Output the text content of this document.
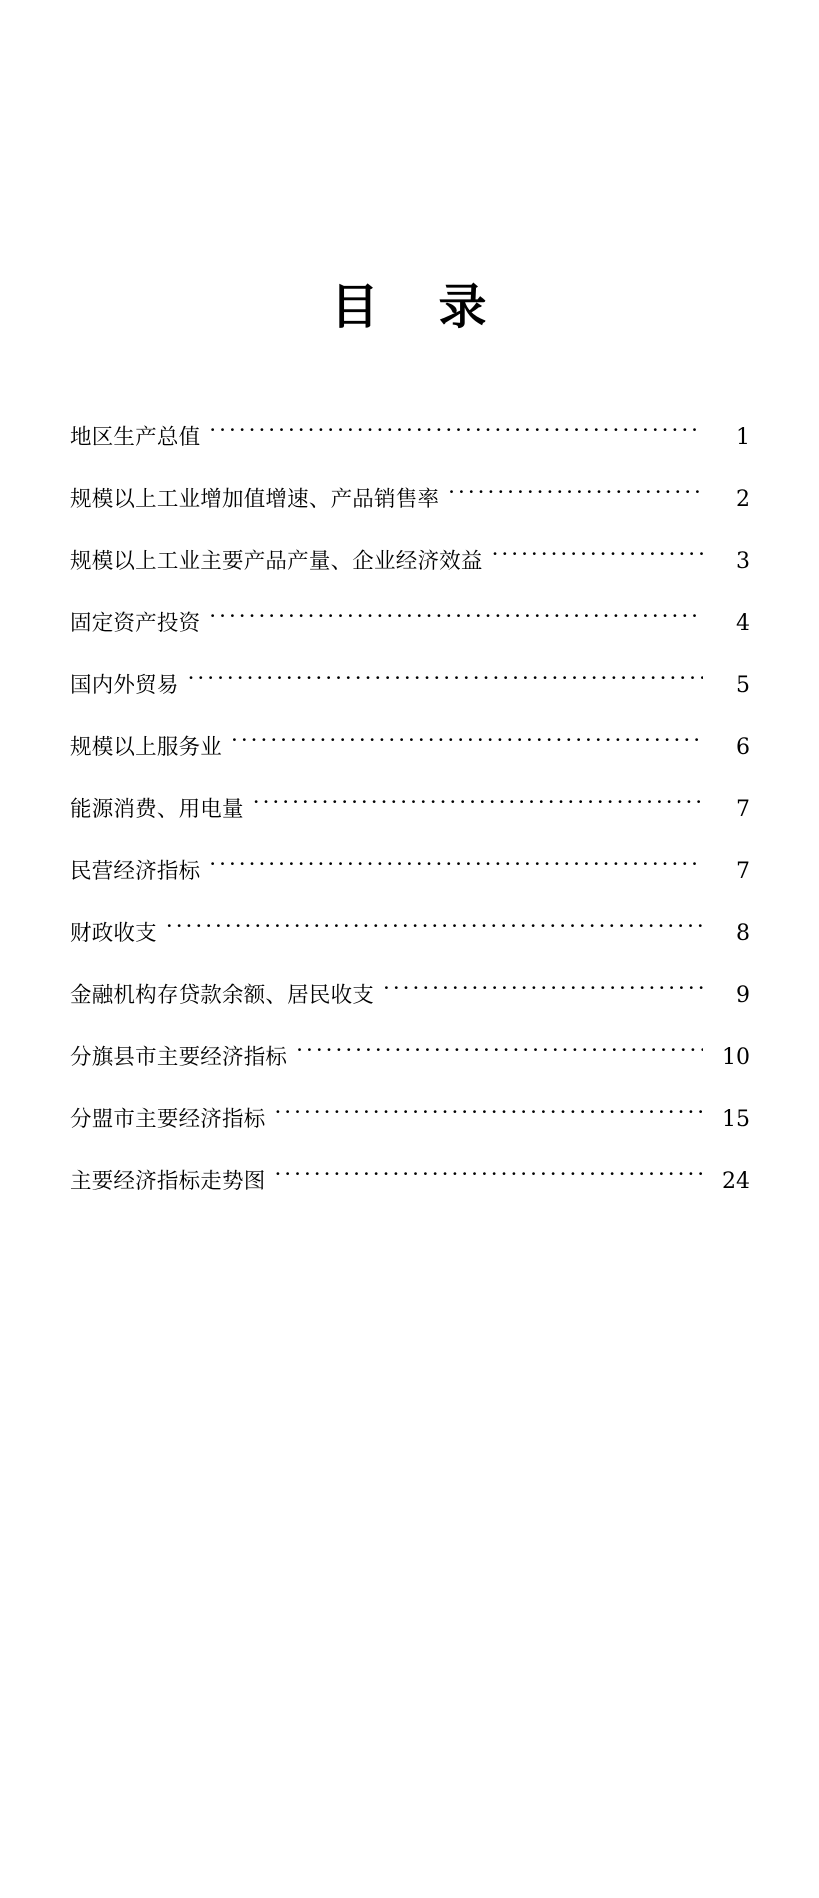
目 录
地区生产总值 ·····	1
规模以上工业增加值增速、产品销售率 ·····	2
规模以上工业主要产品产量、企业经济效益 ·····	3
固定资产投资 ·····	4
国内外贸易 ·····	5
规模以上服务业 ·····	6
能源消费、用电量 ·····	7
民营经济指标 ·····	7
财政收支 ·····	8
金融机构存贷款余额、居民收支 ·····	9
分旗县市主要经济指标 ·····	10
分盟市主要经济指标 ·····	15
主要经济指标走势图 ·····	24
